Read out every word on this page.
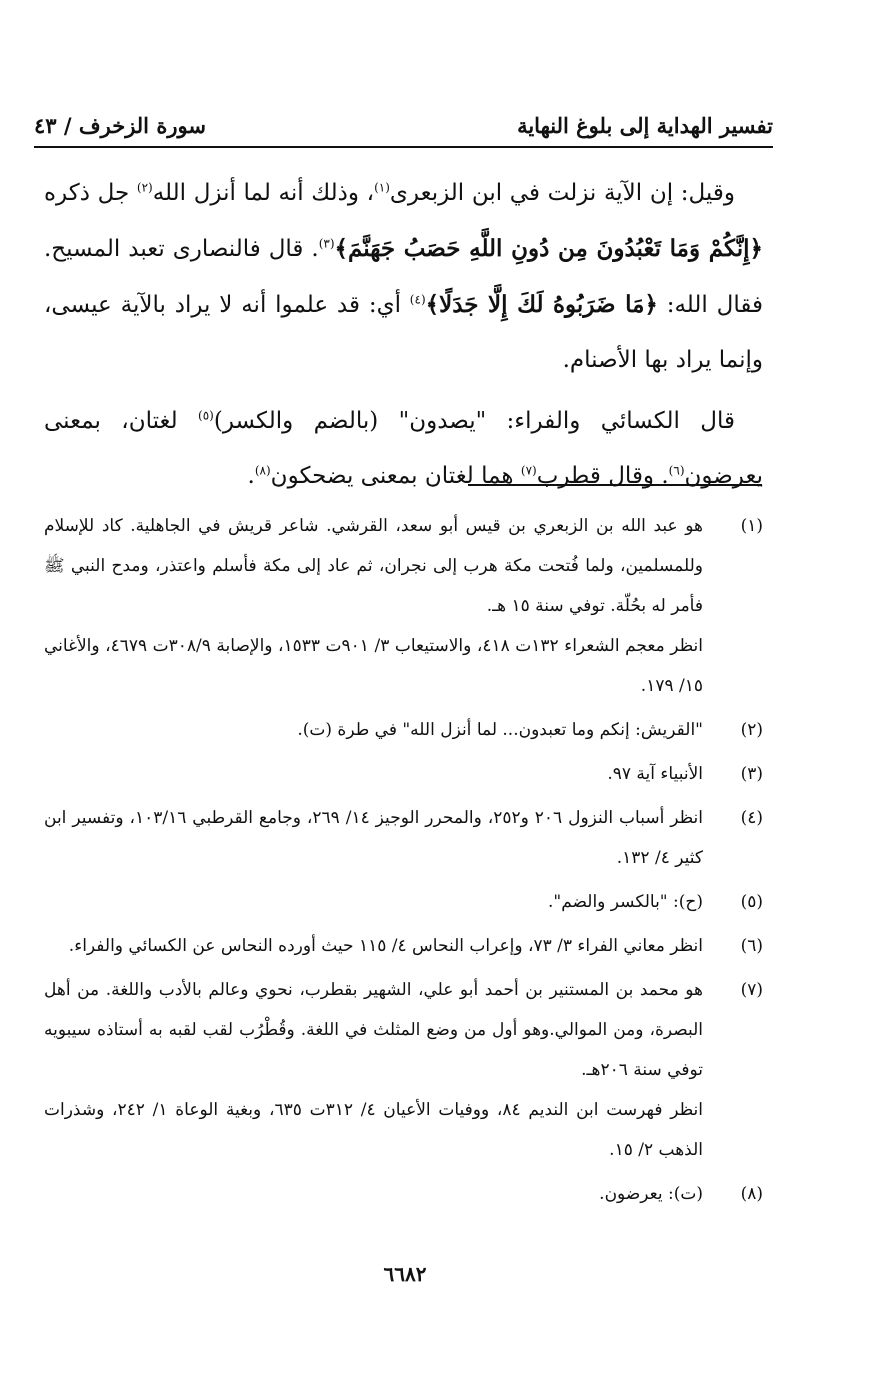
تفسير الهداية إلى بلوغ النهاية
سورة الزخرف / ٤٣

وقيل: إن الآية نزلت في ابن الزبعرى$^{(١)}$، وذلك أنه لما أنزل الله$^{(٢)}$ جل ذكره ﴿إِنَّكُمْ وَمَا تَعْبُدُونَ مِن دُونِ اللَّهِ حَصَبُ جَهَنَّمَ﴾$^{(٣)}$. قال فالنصارى تعبد المسيح. فقال الله: ﴿مَا ضَرَبُوهُ لَكَ إِلَّا جَدَلًا﴾$^{(٤)}$ أي: قد علموا أنه لا يراد بالآية عيسى، وإنما يراد بها الأصنام.

قال الكسائي والفراء: "يصدون" (بالضم والكسر)$^{(٥)}$ لغتان، بمعنى يعرضون$^{(٦)}$. وقال قطرب$^{(٧)}$ هما لغتان بمعنى يضحكون$^{(٨)}$.

(١)

هو عبد الله بن الزبعري بن قيس أبو سعد، القرشي. شاعر قريش في الجاهلية. كاد للإسلام وللمسلمين، ولما فُتحت مكة هرب إلى نجران، ثم عاد إلى مكة فأسلم واعتذر، ومدح النبي ﷺ فأمر له بحُلّة. توفي سنة ١٥ هـ.

انظر معجم الشعراء ١٣٢ت ٤١٨، والاستيعاب ٣/ ٩٠١ت ١٥٣٣، والإصابة ٣٠٨/٩ت ٤٦٧٩، والأغاني ١٥/ ١٧٩.

(٢)

"القريش: إنكم وما تعبدون... لما أنزل الله" في طرة (ت).

(٣)

الأنبياء آية ٩٧.

(٤)

انظر أسباب النزول ٢٠٦ و٢٥٢، والمحرر الوجيز ١٤/ ٢٦٩، وجامع القرطبي ١٠٣/١٦، وتفسير ابن كثير ٤/ ١٣٢.

(٥)

(ح): "بالكسر والضم".

(٦)

انظر معاني الفراء ٣/ ٧٣، وإعراب النحاس ٤/ ١١٥ حيث أورده النحاس عن الكسائي والفراء.

(٧)

هو محمد بن المستنير بن أحمد أبو علي، الشهير بقطرب، نحوي وعالم بالأدب واللغة. من أهل البصرة، ومن الموالي.وهو أول من وضع المثلث في اللغة. وقُطْرُب لقب لقبه به أستاذه سيبويه توفي سنة ٢٠٦هـ.

انظر فهرست ابن النديم ٨٤، ووفيات الأعيان ٤/ ٣١٢ت ٦٣٥، وبغية الوعاة ١/ ٢٤٢، وشذرات الذهب ٢/ ١٥.

(٨)

(ت): يعرضون.

٦٦٨٢
